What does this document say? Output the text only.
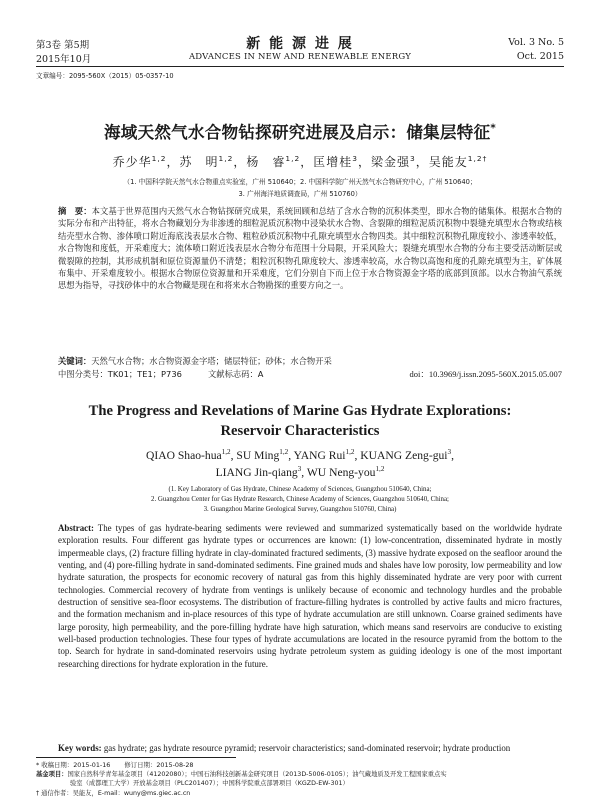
第3卷 第5期
2015年10月
新 能 源 进 展
ADVANCES IN NEW AND RENEWABLE ENERGY
Vol. 3 No. 5
Oct. 2015
文章编号：2095-560X（2015）05-0357-10
海域天然气水合物钻探研究进展及启示：储集层特征*
乔少华$^{1,2}$，苏　明$^{1,2}$，杨　睿$^{1,2}$，匡增桂$^3$，梁金强$^3$，吴能友$^{1,2\dagger}$
（1. 中国科学院天然气水合物重点实验室，广州 510640；2. 中国科学院广州天然气水合物研究中心，广州 510640；
3. 广州海洋地质调查局，广州 510760）
摘　要：本文基于世界范围内天然气水合物钻探研究成果，系统回顾和总结了含水合物的沉积体类型，即水合物的储集体。根据水合物的实际分布和产出特征，将水合物藏划分为非渗透的细粒泥质沉积物中浸染状水合物、含裂隙的细粒泥质沉积物中裂缝充填型水合物或结核结壳型水合物、渗体喷口附近海底浅表层水合物、粗粒砂质沉积物中孔隙充填型水合物四类。其中细粒沉积物孔隙度较小、渗透率较低，水合物饱和度低，开采难度大；流体喷口附近浅表层水合物分布范围十分局限，开采风险大；裂缝充填型水合物的分布主要受活动断层或微裂隙的控制，其形成机制和原位资源量仍不清楚；粗粒沉积物孔隙度较大、渗透率较高，水合物以高饱和度的孔隙充填型为主，矿体展布集中、开采难度较小。根据水合物原位资源量和开采难度，它们分别自下而上位于水合物资源金字塔的底部到顶部。以水合物油气系统思想为指导，寻找砂体中的水合物藏是现在和将来水合物勘探的重要方向之一。
关键词：天然气水合物；水合物资源金字塔；储层特征；砂体；水合物开采
中图分类号：TK01；TE1；P736	文献标志码：A	doi：10.3969/j.issn.2095-560X.2015.05.007
The Progress and Revelations of Marine Gas Hydrate Explorations:
Reservoir Characteristics
QIAO Shao-hua$^{1,2}$, SU Ming$^{1,2}$, YANG Rui$^{1,2}$, KUANG Zeng-gui$^3$,
LIANG Jin-qiang$^3$, WU Neng-you$^{1,2}$
(1. Key Laboratory of Gas Hydrate, Chinese Academy of Sciences, Guangzhou 510640, China;
2. Guangzhou Center for Gas Hydrate Research, Chinese Academy of Sciences, Guangzhou 510640, China;
3. Guangzhou Marine Geological Survey, Guangzhou 510760, China)
Abstract: The types of gas hydrate-bearing sediments were reviewed and summarized systematically based on the worldwide hydrate exploration results. Four different gas hydrate types or occurrences are known: (1) low-concentration, disseminated hydrate in mostly impermeable clays, (2) fracture filling hydrate in clay-dominated fractured sediments, (3) massive hydrate exposed on the seafloor around the venting, and (4) pore-filling hydrate in sand-dominated sediments. Fine grained muds and shales have low porosity, low permeability and low hydrate saturation, the prospects for economic recovery of natural gas from this highly disseminated hydrate are very poor with current technologies. Commercial recovery of hydrate from ventings is unlikely because of economic and technology hurdles and the probable destruction of sensitive sea-floor ecosystems. The distribution of fracture-filling hydrates is controlled by active faults and micro fractures, and the formation mechanism and in-place resources of this type of hydrate accumulation are still unknown. Coarse grained sediments have large porosity, high permeability, and the pore-filling hydrate have high saturation, which means sand reservoirs are conducive to existing well-based production technologies. These four types of hydrate accumulations are located in the resource pyramid from the bottom to the top. Search for hydrate in sand-dominated reservoirs using hydrate petroleum system as guiding ideology is one of the most important researching directions for hydrate exploration in the future.
Key words: gas hydrate; gas hydrate resource pyramid; reservoir characteristics; sand-dominated reservoir; hydrate production
* 收稿日期：2015-01-16 修订日期：2015-08-28
基金项目：国家自然科学青年基金项目（41202080）；中国石油科技创新基金研究项目（2013D-5006-0105）；油气藏地质及开发工程国家重点实
验室（成都理工大学）开放基金项目（PLC201407）；中国科学院重点部署项目（KGZD-EW-301）
† 通信作者：吴能友，E-mail：wuny@ms.giec.ac.cn
